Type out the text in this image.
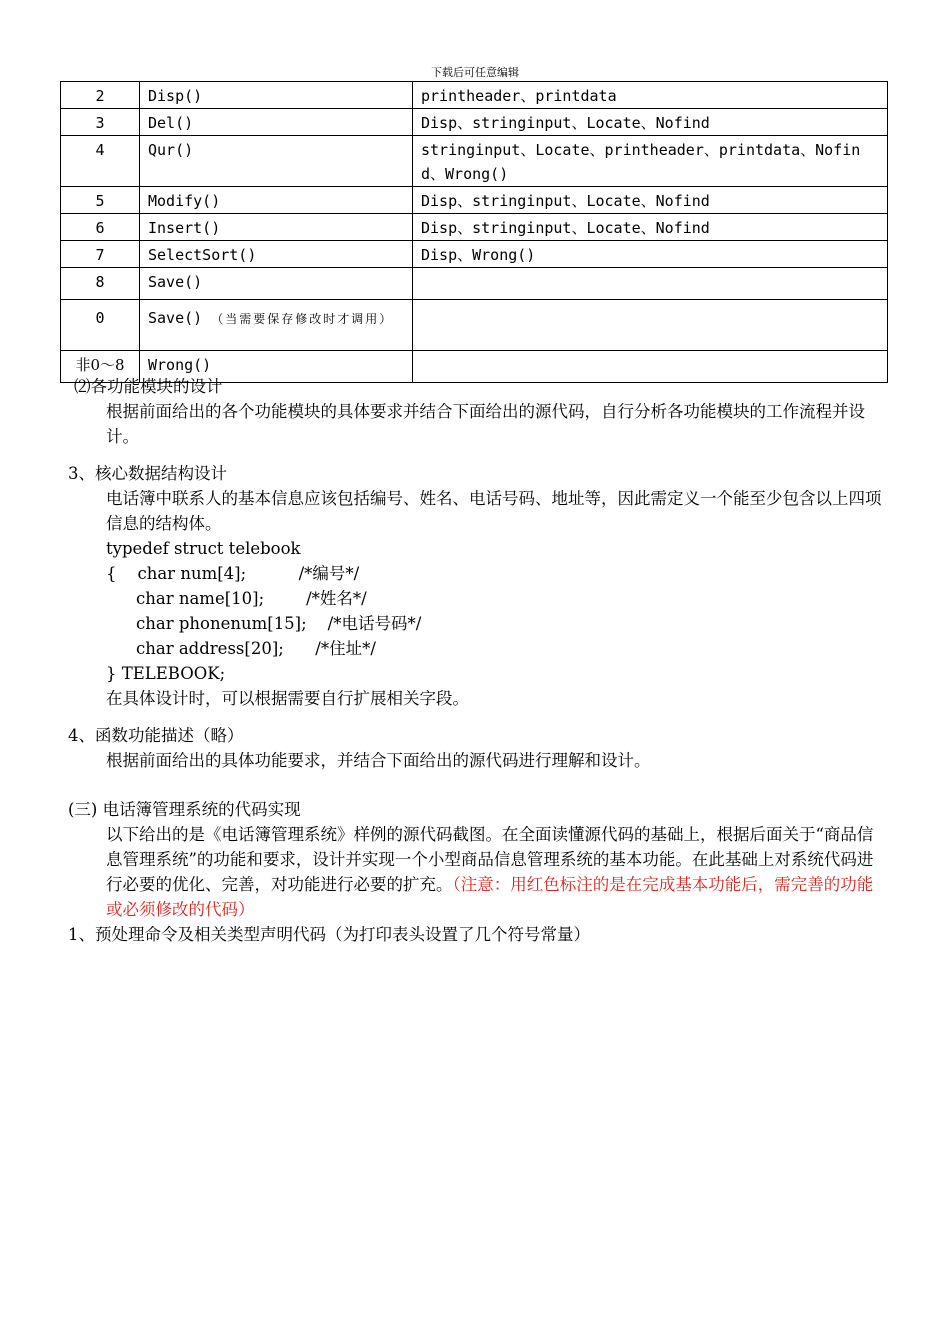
下载后可任意编辑
2	Disp()	printheader、printdata
3	Del()	Disp、stringinput、Locate、Nofind
4	Qur()	stringinput、Locate、printheader、printdata、Nofind、Wrong()
5	Modify()	Disp、stringinput、Locate、Nofind
6	Insert()	Disp、stringinput、Locate、Nofind
7	SelectSort()	Disp、Wrong()
8	Save()	
0	Save() （当需要保存修改时才调用）	
非0～8	Wrong()	

⑵各功能模块的设计

根据前面给出的各个功能模块的具体要求并结合下面给出的源代码，自行分析各功能模块的工作流程并设计。

3、核心数据结构设计

电话簿中联系人的基本信息应该包括编号、姓名、电话号码、地址等，因此需定义一个能至少包含以上四项信息的结构体。

typedef struct telebook

{    char num[4];          /*编号*/

char name[10];        /*姓名*/

char phonenum[15];    /*电话号码*/

char address[20];      /*住址*/

} TELEBOOK;

在具体设计时，可以根据需要自行扩展相关字段。

4、函数功能描述（略）

根据前面给出的具体功能要求，并结合下面给出的源代码进行理解和设计。

(三) 电话簿管理系统的代码实现

以下给出的是《电话簿管理系统》样例的源代码截图。在全面读懂源代码的基础上，根据后面关于“商品信息管理系统”的功能和要求，设计并实现一个小型商品信息管理系统的基本功能。在此基础上对系统代码进行必要的优化、完善，对功能进行必要的扩充。（注意：用红色标注的是在完成基本功能后，需完善的功能或必须修改的代码）

1、预处理命令及相关类型声明代码（为打印表头设置了几个符号常量）
